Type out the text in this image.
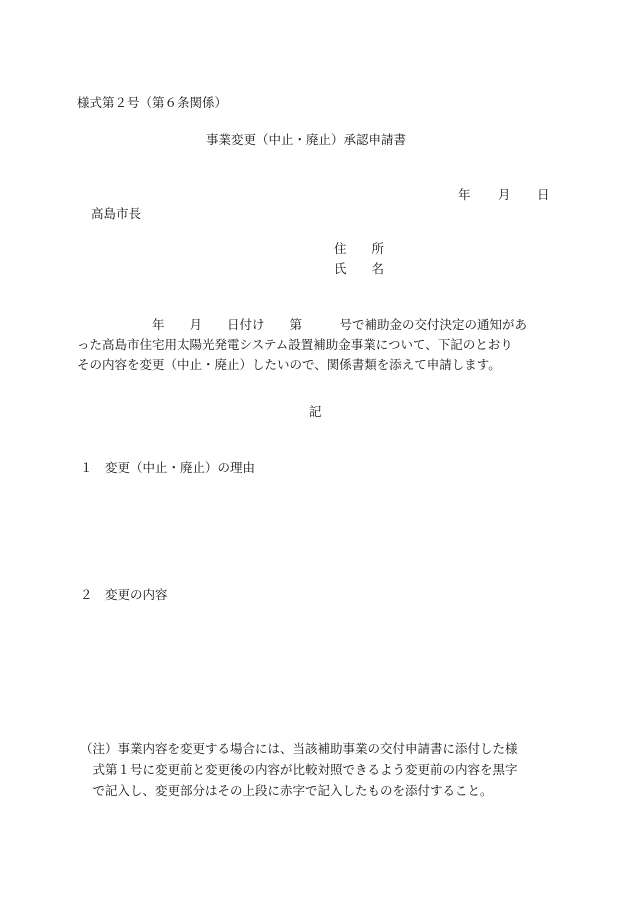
様式第２号（第６条関係）
事業変更（中止・廃止）承認申請書
年 月 日
高島市長
住　　所
氏　　名
　　　　　　年　　月　　日付け　　第　　　号で補助金の交付決定の通知があ
った高島市住宅用太陽光発電システム設置補助金事業について、下記のとおり
その内容を変更（中止・廃止）したいので、関係書類を添えて申請します。
記
１　変更（中止・廃止）の理由
２　変更の内容
（注）事業内容を変更する場合には、当該補助事業の交付申請書に添付した様
　式第１号に変更前と変更後の内容が比較対照できるよう変更前の内容を黒字
　で記入し、変更部分はその上段に赤字で記入したものを添付すること。
